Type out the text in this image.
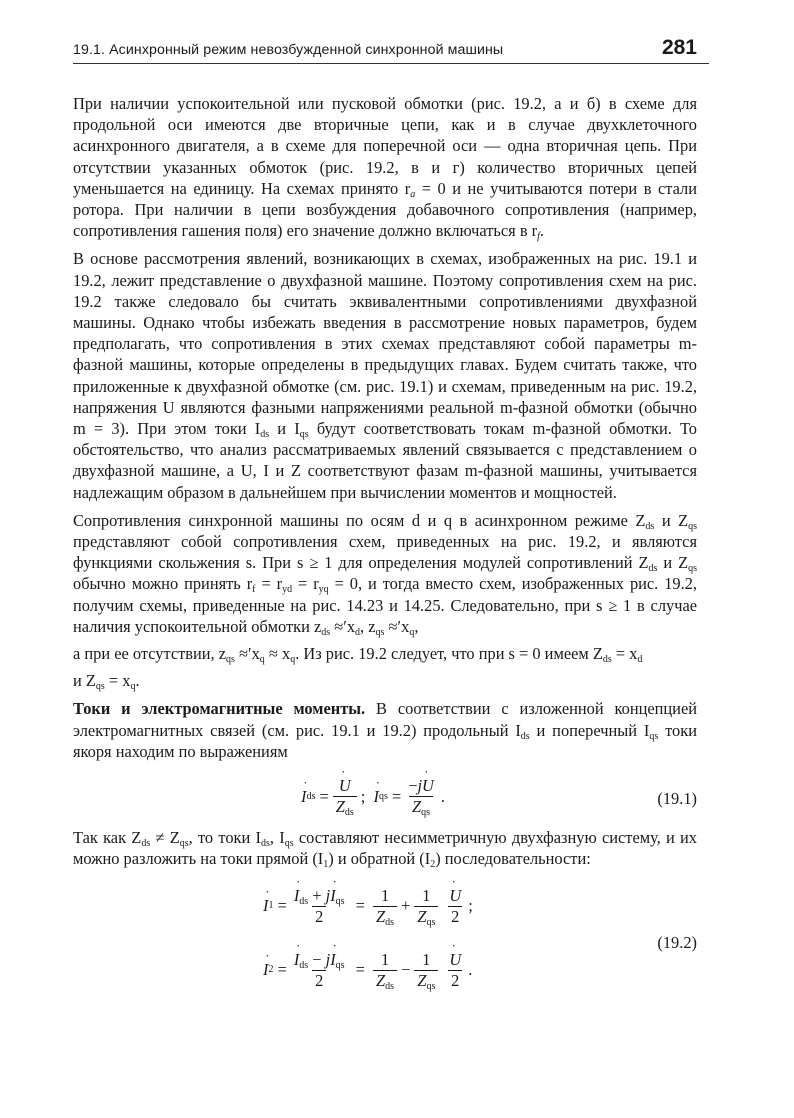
19.1. Асинхронный режим невозбужденной синхронной машины	281

При наличии успокоительной или пусковой обмотки (рис. 19.2, а и б) в схеме для продольной оси имеются две вторичные цепи, как и в случае двухклеточного асинхронного двигателя, а в схеме для поперечной оси — одна вторичная цепь. При отсутствии указанных обмоток (рис. 19.2, в и г) количество вторичных цепей уменьшается на единицу. На схемах принято $r_a = 0$ и не учитываются потери в стали ротора. При наличии в цепи возбуждения добавочного сопротивления (например, сопротивления гашения поля) его значение должно включаться в $r_f$.

В основе рассмотрения явлений, возникающих в схемах, изображенных на рис. 19.1 и 19.2, лежит представление о двухфазной машине. Поэтому сопротивления схем на рис. 19.2 также следовало бы считать эквивалентными сопротивлениями двухфазной машины. Однако чтобы избежать введения в рассмотрение новых параметров, будем предполагать, что сопротивления в этих схемах представляют собой параметры m-фазной машины, которые определены в предыдущих главах. Будем считать также, что приложенные к двухфазной обмотке (см. рис. 19.1) и схемам, приведенным на рис. 19.2, напряжения U являются фазными напряжениями реальной m-фазной обмотки (обычно m = 3). При этом токи $I_{ds}$ и $I_{qs}$ будут соответствовать токам m-фазной обмотки. То обстоятельство, что анализ рассматриваемых явлений связывается с представлением о двухфазной машине, а U, I и Z соответствуют фазам m-фазной машины, учитывается надлежащим образом в дальнейшем при вычислении моментов и мощностей.

Сопротивления синхронной машины по осям d и q в асинхронном режиме $Z_{ds}$ и $Z_{qs}$ представляют собой сопротивления схем, приведенных на рис. 19.2, и являются функциями скольжения s. При s ≥ 1 для определения модулей сопротивлений $Z_{ds}$ и $Z_{qs}$ обычно можно принять $r_f = r_{yd} = r_{yq} = 0$, и тогда вместо схем, изображенных рис. 19.2, получим схемы, приведенные на рис. 14.23 и 14.25. Следовательно, при s ≥ 1 в случае наличия успокоительной обмотки $z_{ds} \approx'x_d$, $z_{qs} \approx'x_q$,

а при ее отсутствии, $z_{qs} \approx'x_q \approx x_q$. Из рис. 19.2 следует, что при s = 0 имеем $Z_{ds} = x_d$

и $Z_{qs} = x_q$.

Токи и электромагнитные моменты. В соответствии с изложенной концепцией электромагнитных связей (см. рис. 19.1 и 19.2) продольный $I_{ds}$ и поперечный $I_{qs}$ токи якоря находим по выражениям

˙ I ds = ˙ $\frac{U}{Z_{ds}}$ ; ˙ I qs = $\frac{-j˙ U}{Z_{qs}}$ .	(19.1)

Так как $Z_{ds} \ne Z_{qs}$, то токи $I_{ds}$, $I_{qs}$ составляют несимметричную двухфазную систему, и их можно разложить на токи прямой $(I_1)$ и обратной $(I_2)$ последовательности:

˙ I 1 = ˙ $\frac{I_{ds} + j˙ I_{qs}}{2} = \frac{1}{Z_{ds}} + \frac{1}{Z_{qs}}$ ˙ $\frac{U}{2}$ ;
(19.2)
˙ I 2 = ˙ $\frac{I_{ds} - j˙ I_{qs}}{2} = \frac{1}{Z_{ds}} - \frac{1}{Z_{qs}}$ ˙ $\frac{U}{2}$ .
